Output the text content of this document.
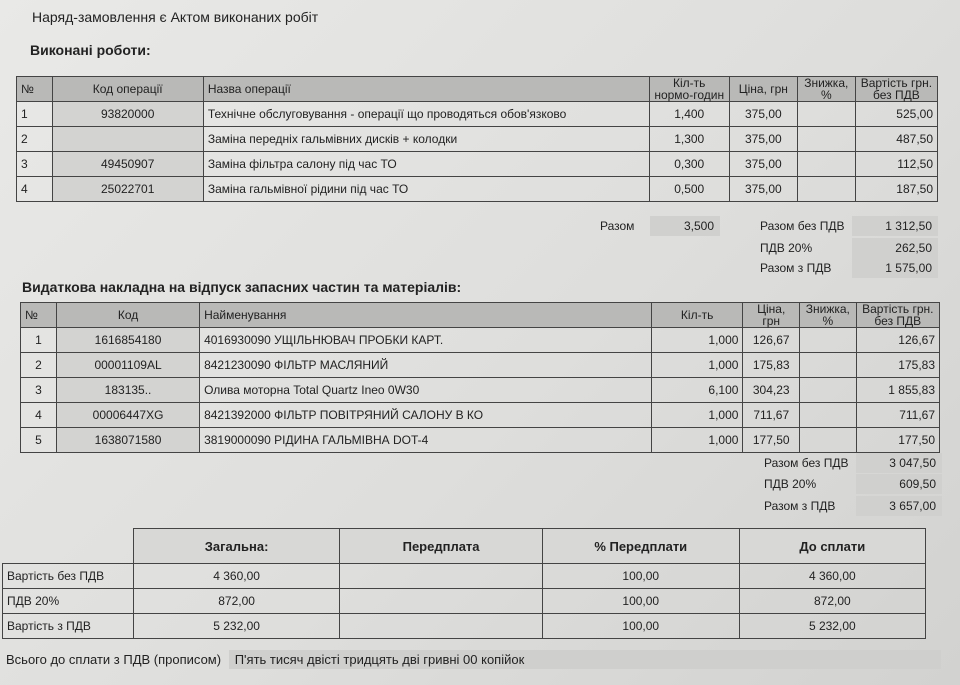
Наряд-замовлення є Актом виконаних робіт
Виконані роботи:
№	Код операції	Назва операції	Кіл-ть нормо-годин	Ціна, грн	Знижка, %	Вартість грн. без ПДВ
1	93820000	Технічне обслуговування - операції що проводяться обов'язково	1,400	375,00		525,00
2		Заміна передніх гальмівних дисків + колодки	1,300	375,00		487,50
3	49450907	Заміна фільтра салону під час ТО	0,300	375,00		112,50
4	25022701	Заміна гальмівної рідини під час ТО	0,500	375,00		187,50
Разом	3,500	Разом без ПДВ	1 312,50
ПДВ 20%	262,50
Разом з ПДВ	1 575,00
Видаткова накладна на відпуск запасних частин та матеріалів:
№	Код	Найменування	Кіл-ть	Ціна, грн	Знижка, %	Вартість грн. без ПДВ
1	1616854180	4016930090 УЩІЛЬНЮВАЧ ПРОБКИ КАРТ.	1,000	126,67		126,67
2	00001109AL	8421230090 ФІЛЬТР МАСЛЯНИЙ	1,000	175,83		175,83
3	183135..	Олива моторна Total Quartz Ineo 0W30	6,100	304,23		1 855,83
4	00006447XG	8421392000 ФІЛЬТР ПОВІТРЯНИЙ САЛОНУ В КО	1,000	711,67		711,67
5	1638071580	3819000090 РІДИНА ГАЛЬМІВНА DOT-4	1,000	177,50		177,50
Разом без ПДВ	3 047,50
ПДВ 20%	609,50
Разом з ПДВ	3 657,00
	Загальна:	Передплата	% Передплати	До сплати
Вартість без ПДВ	4 360,00		100,00	4 360,00
ПДВ 20%	872,00		100,00	872,00
Вартість з ПДВ	5 232,00		100,00	5 232,00
Всього до сплати з ПДВ (прописом) П'ять тисяч двісті тридцять дві гривні 00 копійок
